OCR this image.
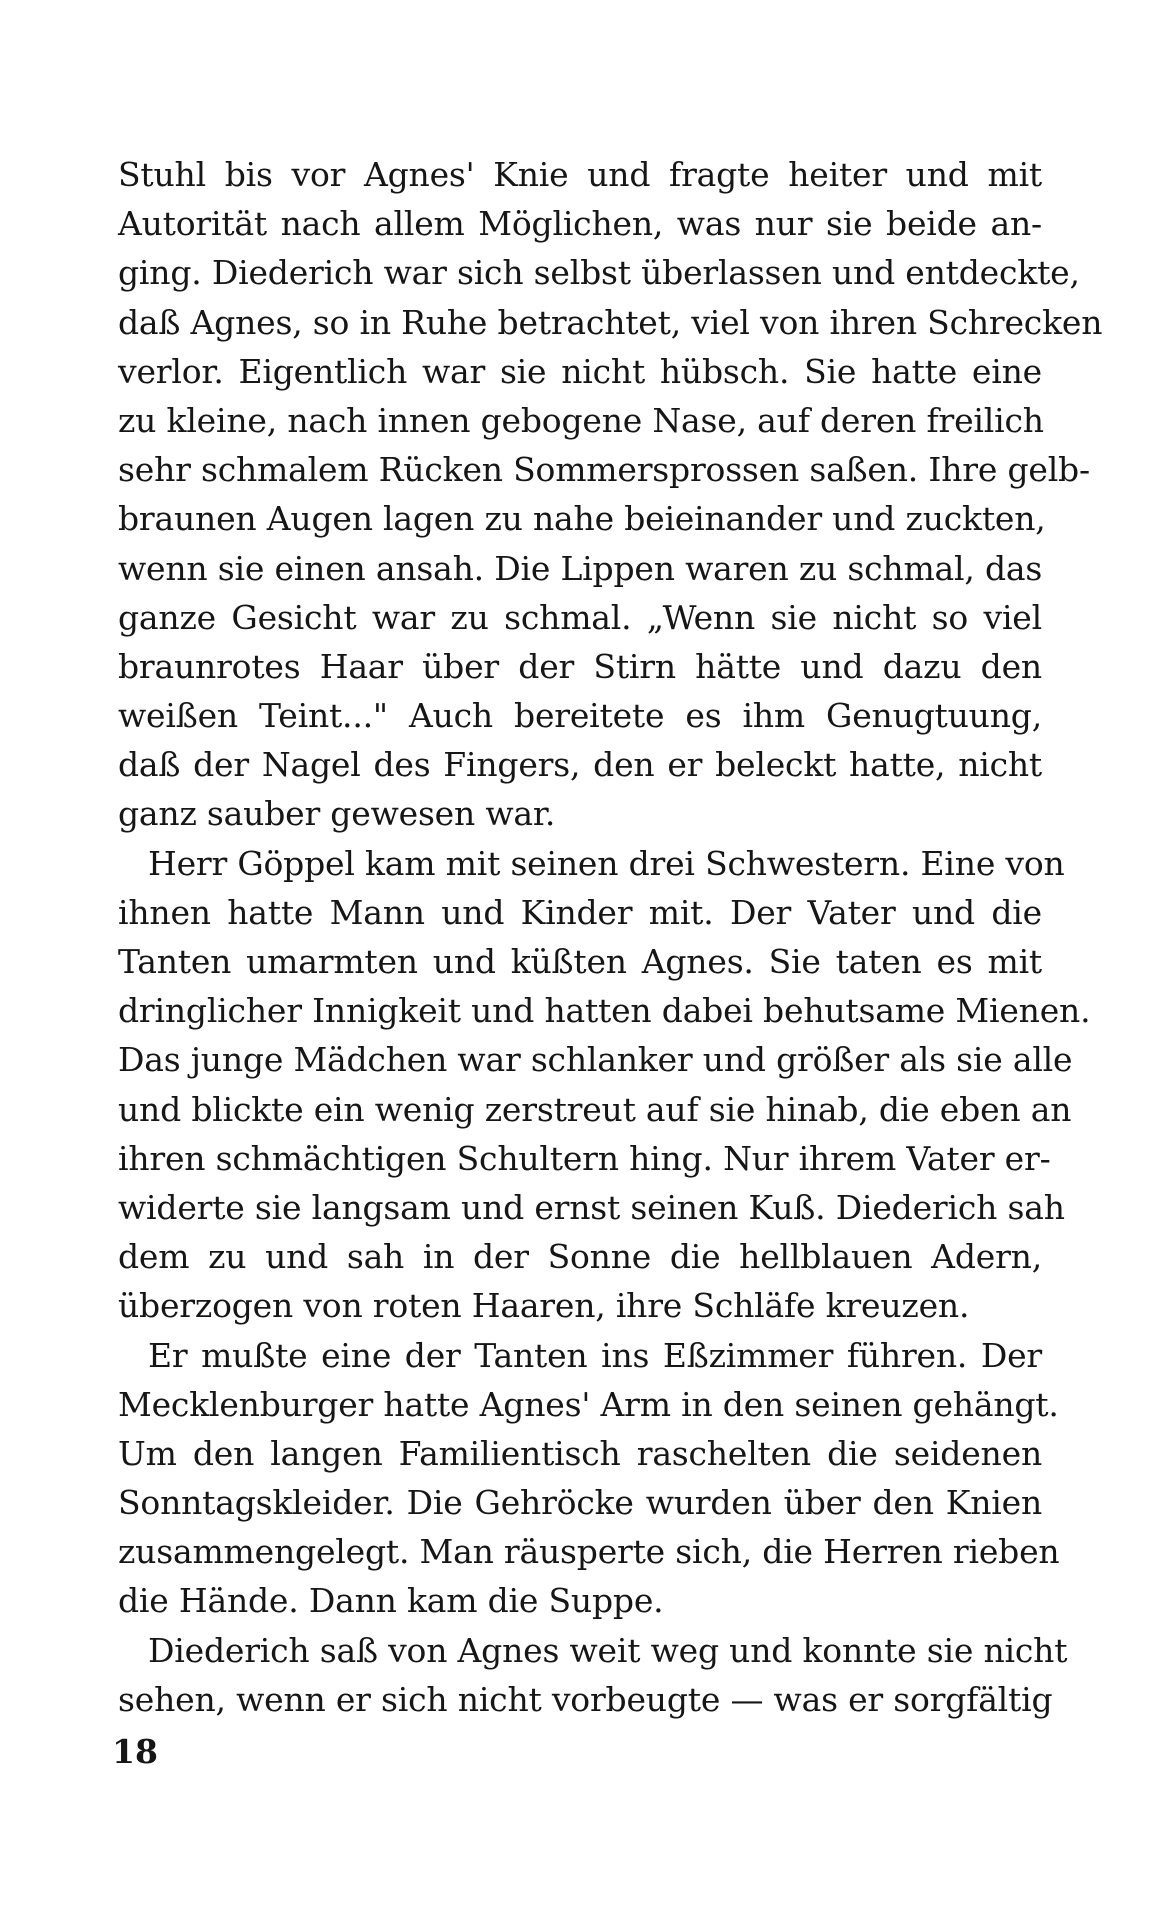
Stuhl bis vor Agnes' Knie und fragte heiter und mit
Autorität nach allem Möglichen, was nur sie beide an-
ging. Diederich war sich selbst überlassen und entdeckte,
daß Agnes, so in Ruhe betrachtet, viel von ihren Schrecken
verlor. Eigentlich war sie nicht hübsch. Sie hatte eine
zu kleine, nach innen gebogene Nase, auf deren freilich
sehr schmalem Rücken Sommersprossen saßen. Ihre gelb-
braunen Augen lagen zu nahe beieinander und zuckten,
wenn sie einen ansah. Die Lippen waren zu schmal, das
ganze Gesicht war zu schmal. „Wenn sie nicht so viel
braunrotes Haar über der Stirn hätte und dazu den
weißen Teint..." Auch bereitete es ihm Genugtuung,
daß der Nagel des Fingers, den er beleckt hatte, nicht
ganz sauber gewesen war.
Herr Göppel kam mit seinen drei Schwestern. Eine von
ihnen hatte Mann und Kinder mit. Der Vater und die
Tanten umarmten und küßten Agnes. Sie taten es mit
dringlicher Innigkeit und hatten dabei behutsame Mienen.
Das junge Mädchen war schlanker und größer als sie alle
und blickte ein wenig zerstreut auf sie hinab, die eben an
ihren schmächtigen Schultern hing. Nur ihrem Vater er-
widerte sie langsam und ernst seinen Kuß. Diederich sah
dem zu und sah in der Sonne die hellblauen Adern,
überzogen von roten Haaren, ihre Schläfe kreuzen.
Er mußte eine der Tanten ins Eßzimmer führen. Der
Mecklenburger hatte Agnes' Arm in den seinen gehängt.
Um den langen Familientisch raschelten die seidenen
Sonntagskleider. Die Gehröcke wurden über den Knien
zusammengelegt. Man räusperte sich, die Herren rieben
die Hände. Dann kam die Suppe.
Diederich saß von Agnes weit weg und konnte sie nicht
sehen, wenn er sich nicht vorbeugte — was er sorgfältig
18
